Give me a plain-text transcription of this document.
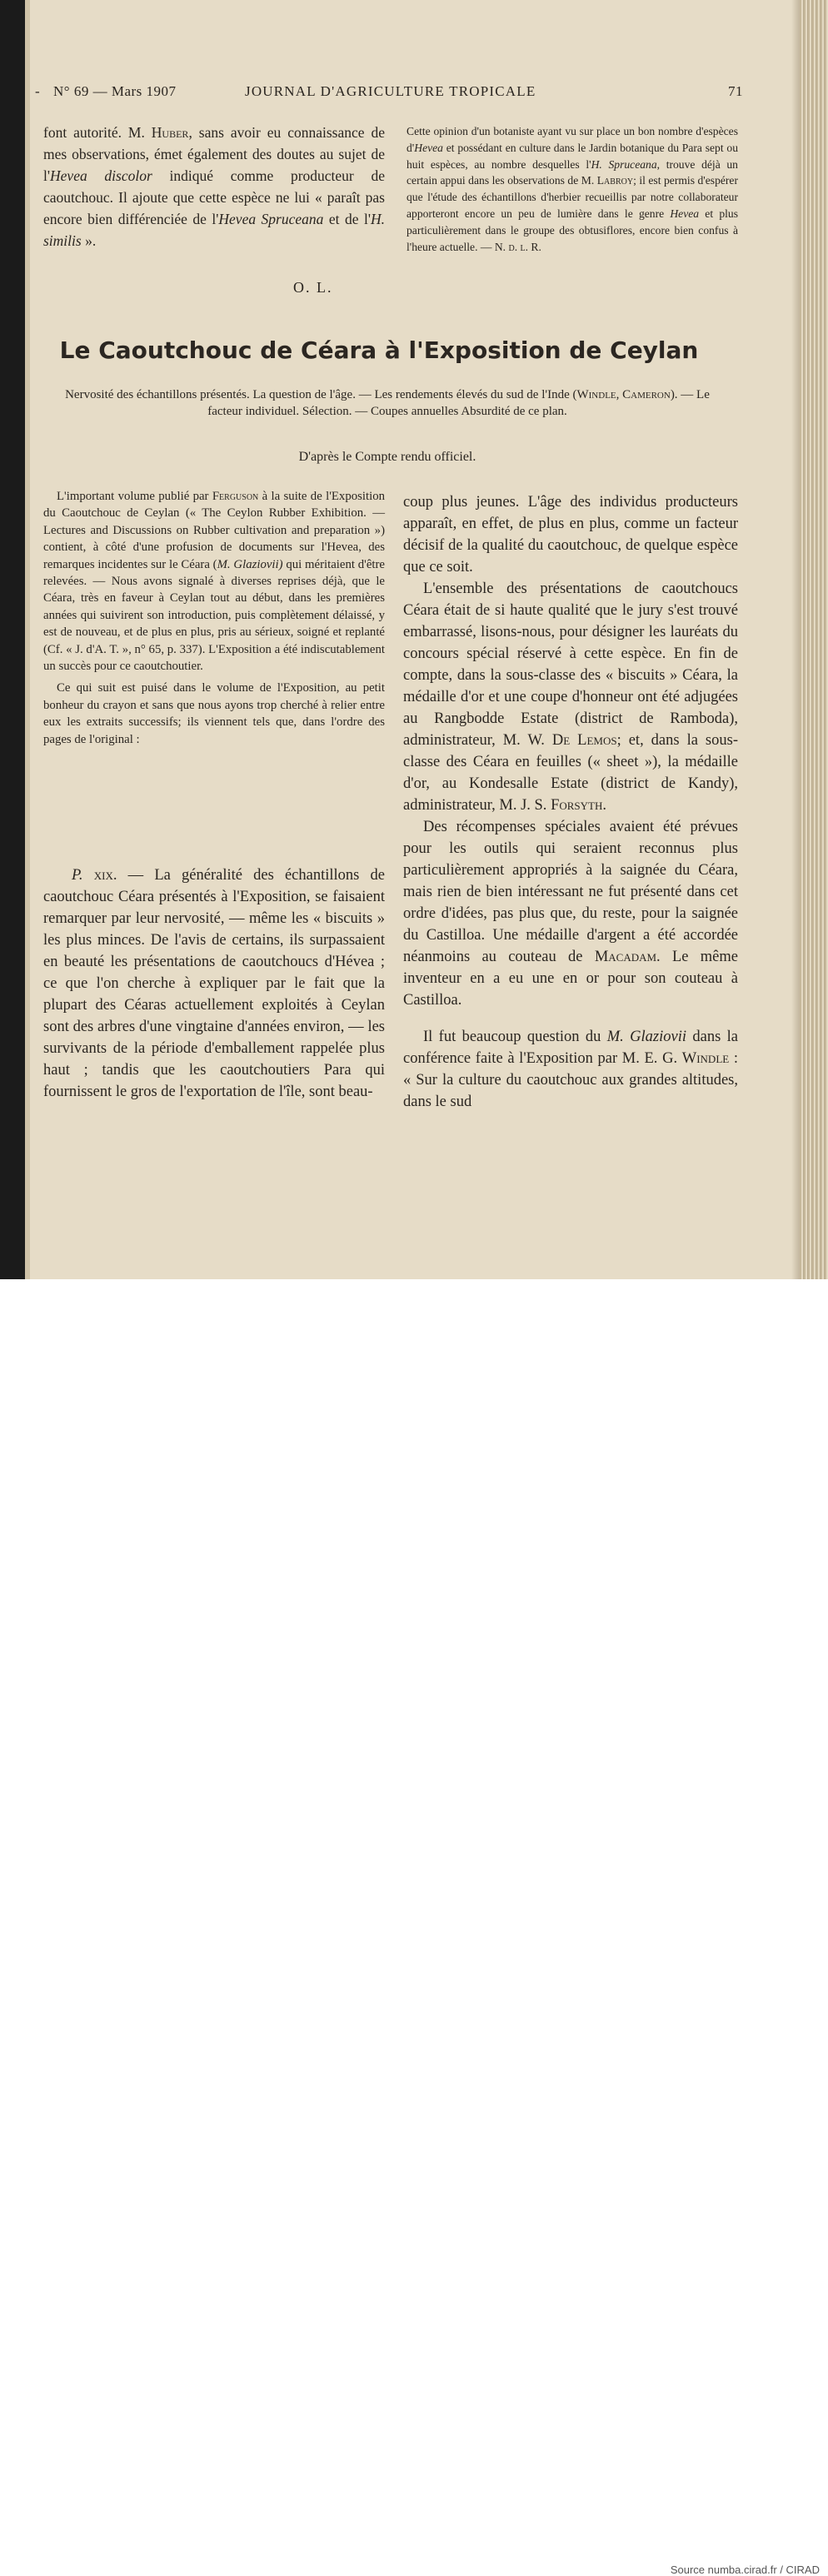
- N° 69 — Mars 1907	JOURNAL D'AGRICULTURE TROPICALE	71
font autorité. M. Huber, sans avoir eu connaissance de mes observations, émet également des doutes au sujet de l'Hevea discolor indiqué comme producteur de caoutchouc. Il ajoute que cette espèce ne lui « paraît pas encore bien différenciée de l'Hevea Spruceana et de l'H. similis ».
O. L.
Cette opinion d'un botaniste ayant vu sur place un bon nombre d'espèces d'Hevea et possédant en culture dans le Jardin botanique du Para sept ou huit espèces, au nombre desquelles l'H. Spruceana, trouve déjà un certain appui dans les observations de M. Labroy; il est permis d'espérer que l'étude des échantillons d'herbier recueillis par notre collaborateur apporteront encore un peu de lumière dans le genre Hevea et plus particulièrement dans le groupe des obtusiflores, encore bien confus à l'heure actuelle. — N. d. l. R.
Le Caoutchouc de Céara à l'Exposition de Ceylan
Nervosité des échantillons présentés. La question de l'âge. — Les rendements élevés du sud de l'Inde (Windle, Cameron). — Le facteur individuel. Sélection. — Coupes annuelles Absurdité de ce plan.
D'après le Compte rendu officiel.

L'important volume publié par Ferguson à la suite de l'Exposition du Caoutchouc de Ceylan (« The Ceylon Rubber Exhibition. — Lectures and Discussions on Rubber cultivation and preparation ») contient, à côté d'une profusion de documents sur l'Hevea, des remarques incidentes sur le Céara (M. Glaziovii) qui méritaient d'être relevées. — Nous avons signalé à diverses reprises déjà, que le Céara, très en faveur à Ceylan tout au début, dans les premières années qui suivirent son introduction, puis complètement délaissé, y est de nouveau, et de plus en plus, pris au sérieux, soigné et replanté (Cf. « J. d'A. T. », n° 65, p. 337). L'Exposition a été indiscutablement un succès pour ce caoutchoutier.

Ce qui suit est puisé dans le volume de l'Exposition, au petit bonheur du crayon et sans que nous ayons trop cherché à relier entre eux les extraits successifs; ils viennent tels que, dans l'ordre des pages de l'original :

P. xix. — La généralité des échantillons de caoutchouc Céara présentés à l'Exposition, se faisaient remarquer par leur nervosité, — même les « biscuits » les plus minces. De l'avis de certains, ils surpassaient en beauté les présentations de caoutchoucs d'Hévea ; ce que l'on cherche à expliquer par le fait que la plupart des Céaras actuellement exploités à Ceylan sont des arbres d'une vingtaine d'années environ, — les survivants de la période d'emballement rappelée plus haut ; tandis que les caoutchoutiers Para qui fournissent le gros de l'exportation de l'île, sont beau-

coup plus jeunes. L'âge des individus producteurs apparaît, en effet, de plus en plus, comme un facteur décisif de la qualité du caoutchouc, de quelque espèce que ce soit.

L'ensemble des présentations de caoutchoucs Céara était de si haute qualité que le jury s'est trouvé embarrassé, lisons-nous, pour désigner les lauréats du concours spécial réservé à cette espèce. En fin de compte, dans la sous-classe des « biscuits » Céara, la médaille d'or et une coupe d'honneur ont été adjugées au Rangbodde Estate (district de Ramboda), administrateur, M. W. De Lemos; et, dans la sous-classe des Céara en feuilles (« sheet »), la médaille d'or, au Kondesalle Estate (district de Kandy), administrateur, M. J. S. Forsyth.

Des récompenses spéciales avaient été prévues pour les outils qui seraient reconnus plus particulièrement appropriés à la saignée du Céara, mais rien de bien intéressant ne fut présenté dans cet ordre d'idées, pas plus que, du reste, pour la saignée du Castilloa. Une médaille d'argent a été accordée néanmoins au couteau de Macadam. Le même inventeur en a eu une en or pour son couteau à Castilloa.

Il fut beaucoup question du M. Glaziovii dans la conférence faite à l'Exposition par M. E. G. Windle : « Sur la culture du caoutchouc aux grandes altitudes, dans le sud

Source numba.cirad.fr / CIRAD
